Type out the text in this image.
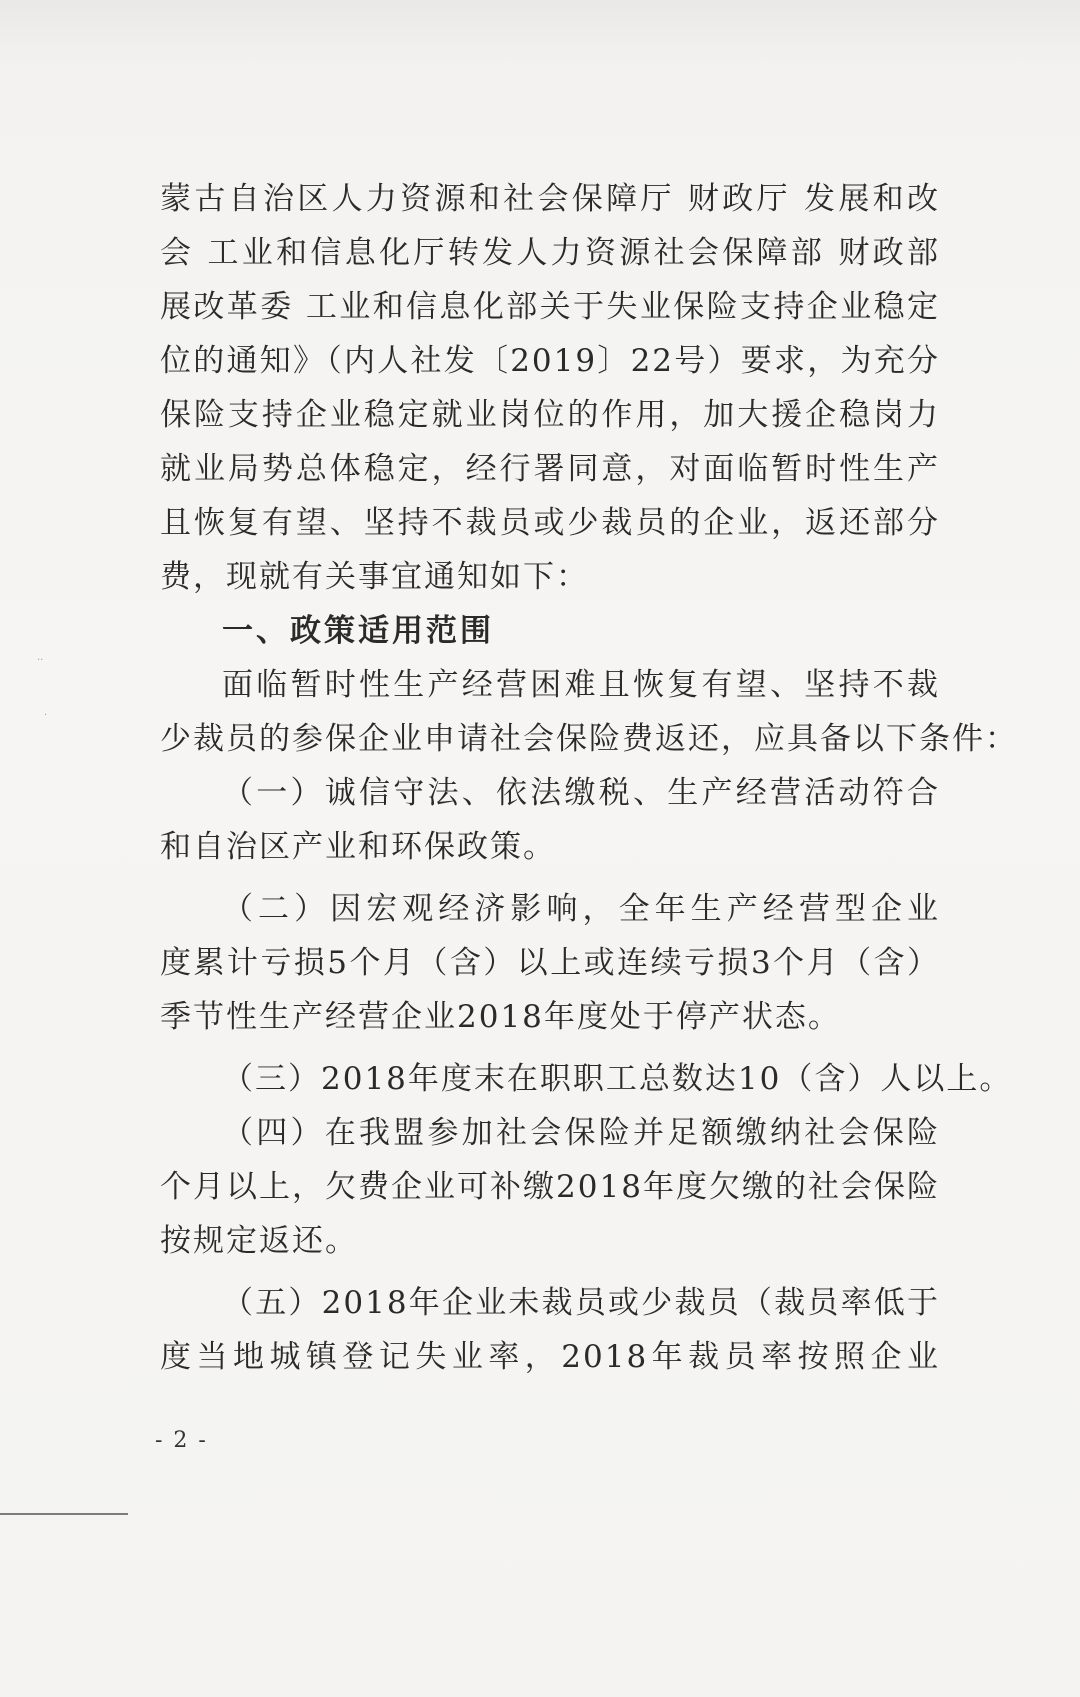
··
·
蒙古自治区人力资源和社会保障厅 财政厅 发展和改
会 工业和信息化厅转发人力资源社会保障部 财政部
展改革委 工业和信息化部关于失业保险支持企业稳定
位的通知》（内人社发〔2019〕22号）要求，为充分
保险支持企业稳定就业岗位的作用，加大援企稳岗力
就业局势总体稳定，经行署同意，对面临暂时性生产
且恢复有望、坚持不裁员或少裁员的企业，返还部分
费，现就有关事宜通知如下：
一、政策适用范围
面临暂时性生产经营困难且恢复有望、坚持不裁
少裁员的参保企业申请社会保险费返还，应具备以下条件：
（一）诚信守法、依法缴税、生产经营活动符合
和自治区产业和环保政策。
（二）因宏观经济影响，全年生产经营型企业
度累计亏损5个月（含）以上或连续亏损3个月（含）
季节性生产经营企业2018年度处于停产状态。
（三）2018年度末在职职工总数达10（含）人以上。
（四）在我盟参加社会保险并足额缴纳社会保险
个月以上，欠费企业可补缴2018年度欠缴的社会保险
按规定返还。
（五）2018年企业未裁员或少裁员（裁员率低于
度当地城镇登记失业率，2018年裁员率按照企业
- 2 -
